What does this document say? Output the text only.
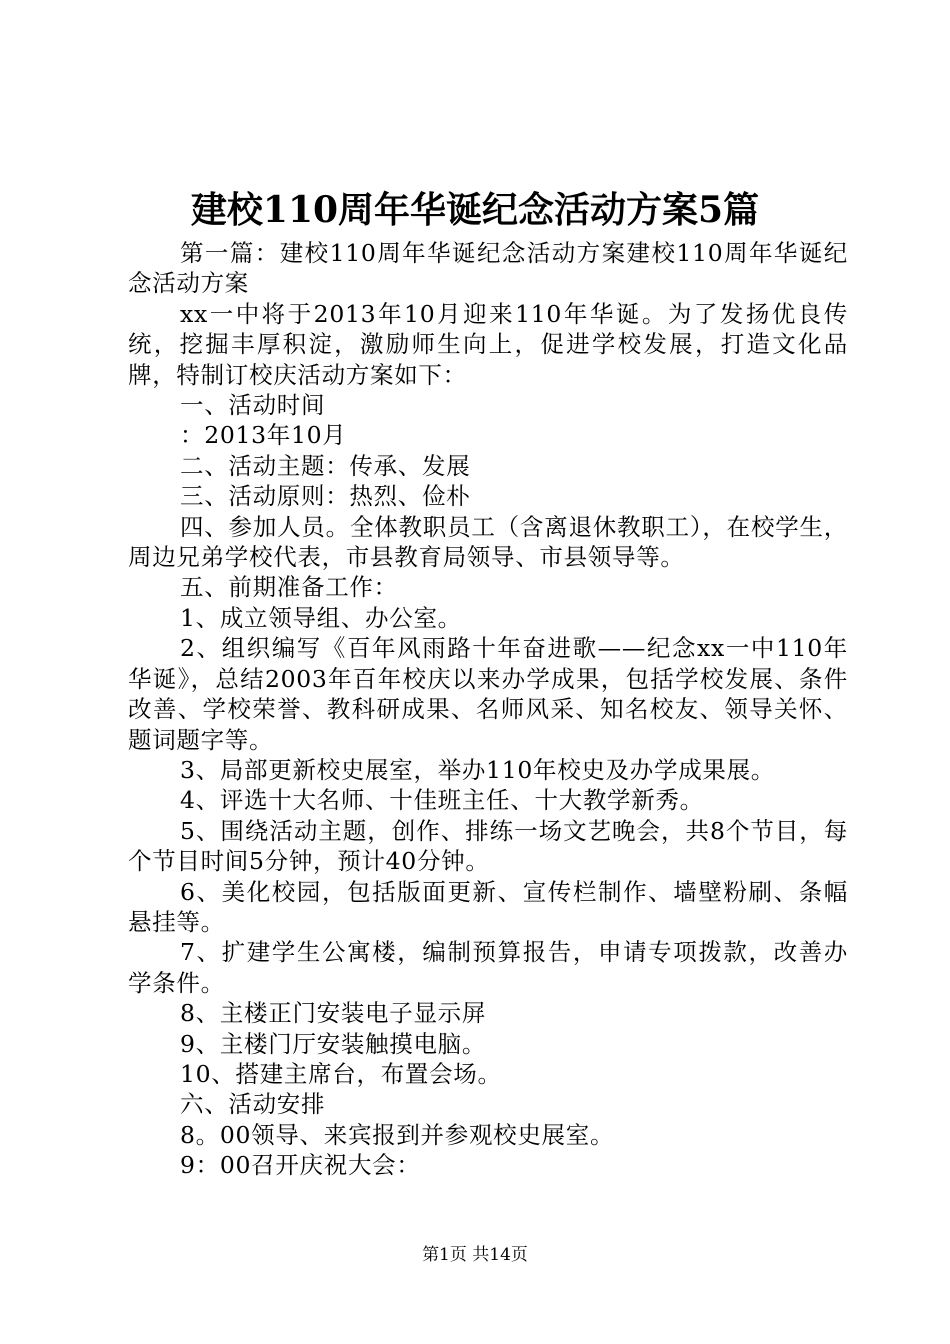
建校110周年华诞纪念活动方案5篇

第一篇：建校110周年华诞纪念活动方案建校110周年华诞纪念活动方案

xx一中将于2013年10月迎来110年华诞。为了发扬优良传统，挖掘丰厚积淀，激励师生向上，促进学校发展，打造文化品牌，特制订校庆活动方案如下：

一、活动时间

：2013年10月

二、活动主题：传承、发展

三、活动原则：热烈、俭朴

四、参加人员。全体教职员工（含离退休教职工），在校学生，周边兄弟学校代表，市县教育局领导、市县领导等。

五、前期准备工作：

1、成立领导组、办公室。

2、组织编写《百年风雨路十年奋进歌——纪念xx一中110年华诞》，总结2003年百年校庆以来办学成果，包括学校发展、条件改善、学校荣誉、教科研成果、名师风采、知名校友、领导关怀、题词题字等。

3、局部更新校史展室，举办110年校史及办学成果展。

4、评选十大名师、十佳班主任、十大教学新秀。

5、围绕活动主题，创作、排练一场文艺晚会，共8个节目，每个节目时间5分钟，预计40分钟。

6、美化校园，包括版面更新、宣传栏制作、墙壁粉刷、条幅悬挂等。

7、扩建学生公寓楼，编制预算报告，申请专项拨款，改善办学条件。

8、主楼正门安装电子显示屏

9、主楼门厅安装触摸电脑。

10、搭建主席台，布置会场。

六、活动安排

8。00领导、来宾报到并参观校史展室。

9：00召开庆祝大会：

第1页 共14页
